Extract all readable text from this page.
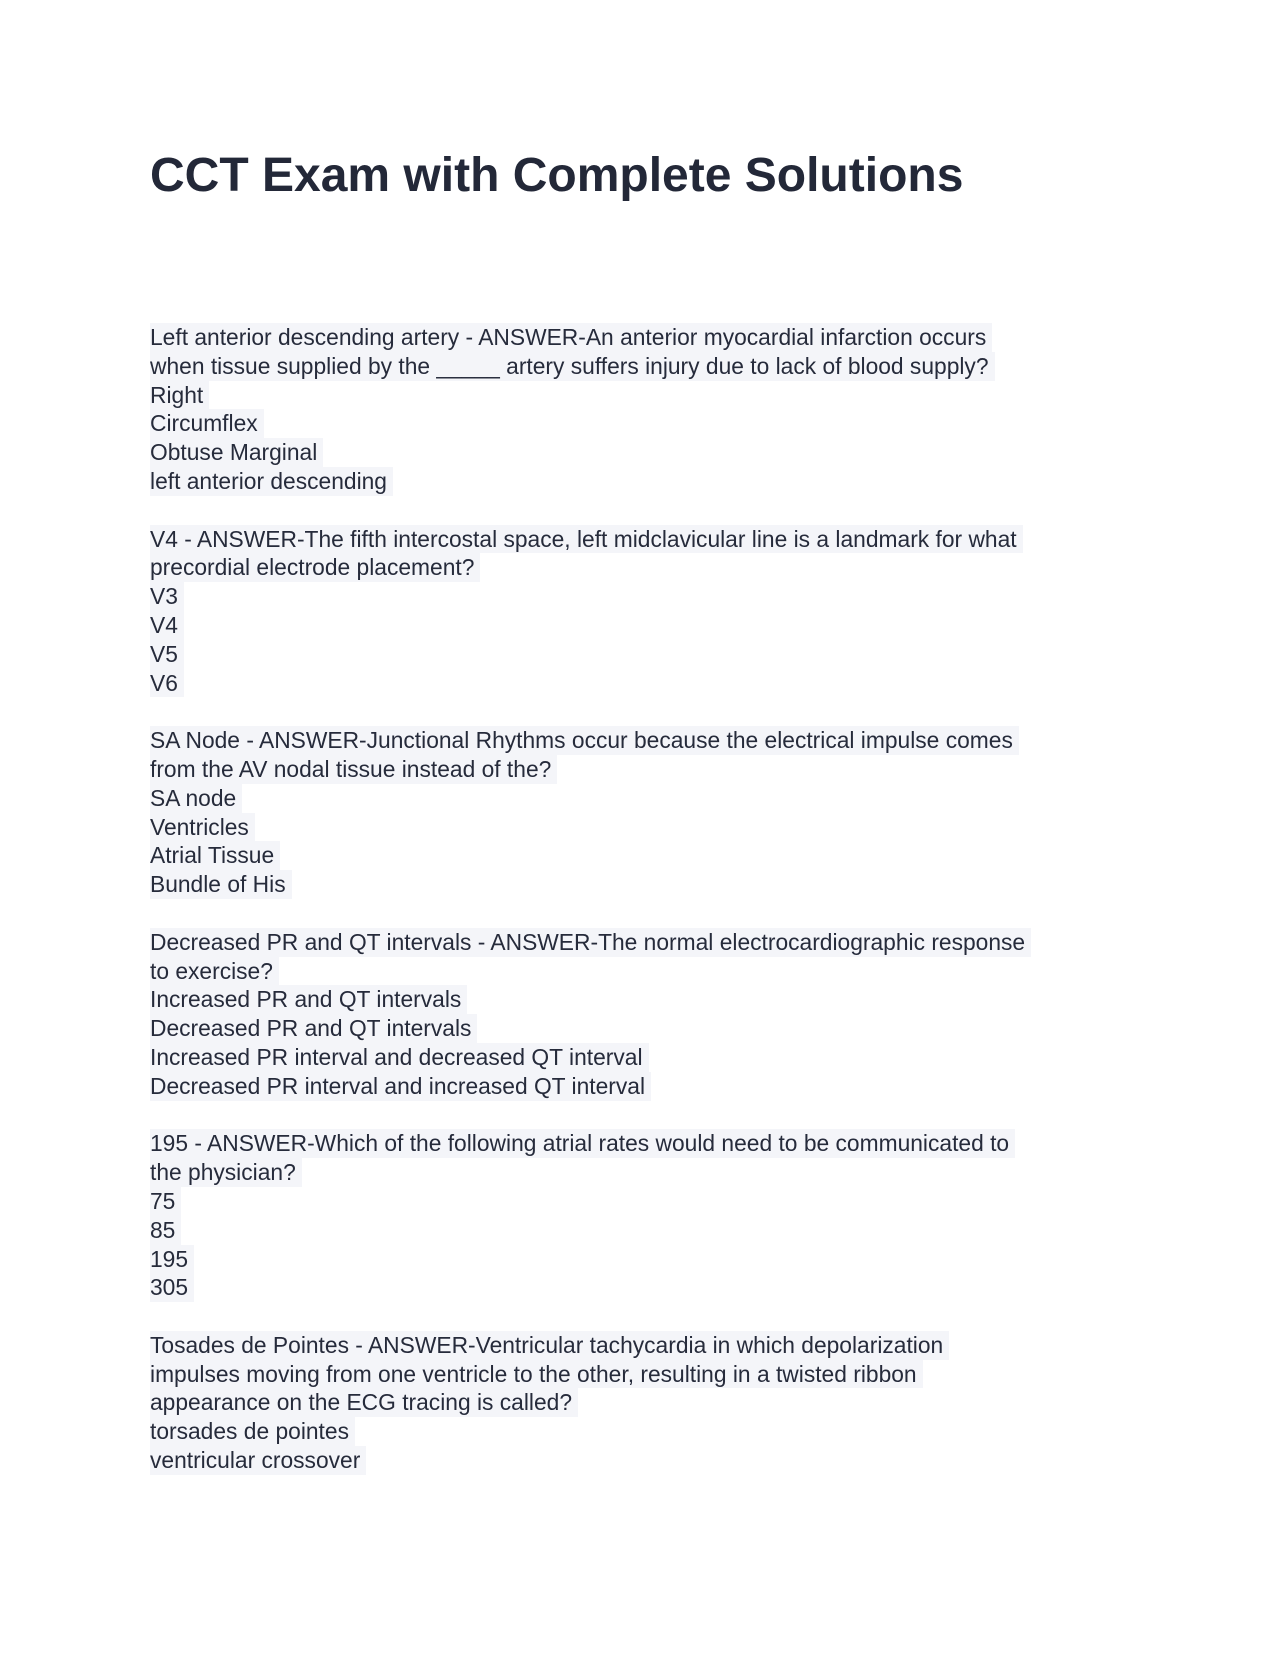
CCT Exam with Complete Solutions
Left anterior descending artery - ANSWER-An anterior myocardial infarction occurs
when tissue supplied by the _____ artery suffers injury due to lack of blood supply?
Right
Circumflex
Obtuse Marginal
left anterior descending
V4 - ANSWER-The fifth intercostal space, left midclavicular line is a landmark for what
precordial electrode placement?
V3
V4
V5
V6
SA Node - ANSWER-Junctional Rhythms occur because the electrical impulse comes
from the AV nodal tissue instead of the?
SA node
Ventricles
Atrial Tissue
Bundle of His
Decreased PR and QT intervals - ANSWER-The normal electrocardiographic response
to exercise?
Increased PR and QT intervals
Decreased PR and QT intervals
Increased PR interval and decreased QT interval
Decreased PR interval and increased QT interval
195 - ANSWER-Which of the following atrial rates would need to be communicated to
the physician?
75
85
195
305
Tosades de Pointes - ANSWER-Ventricular tachycardia in which depolarization
impulses moving from one ventricle to the other, resulting in a twisted ribbon
appearance on the ECG tracing is called?
torsades de pointes
ventricular crossover
